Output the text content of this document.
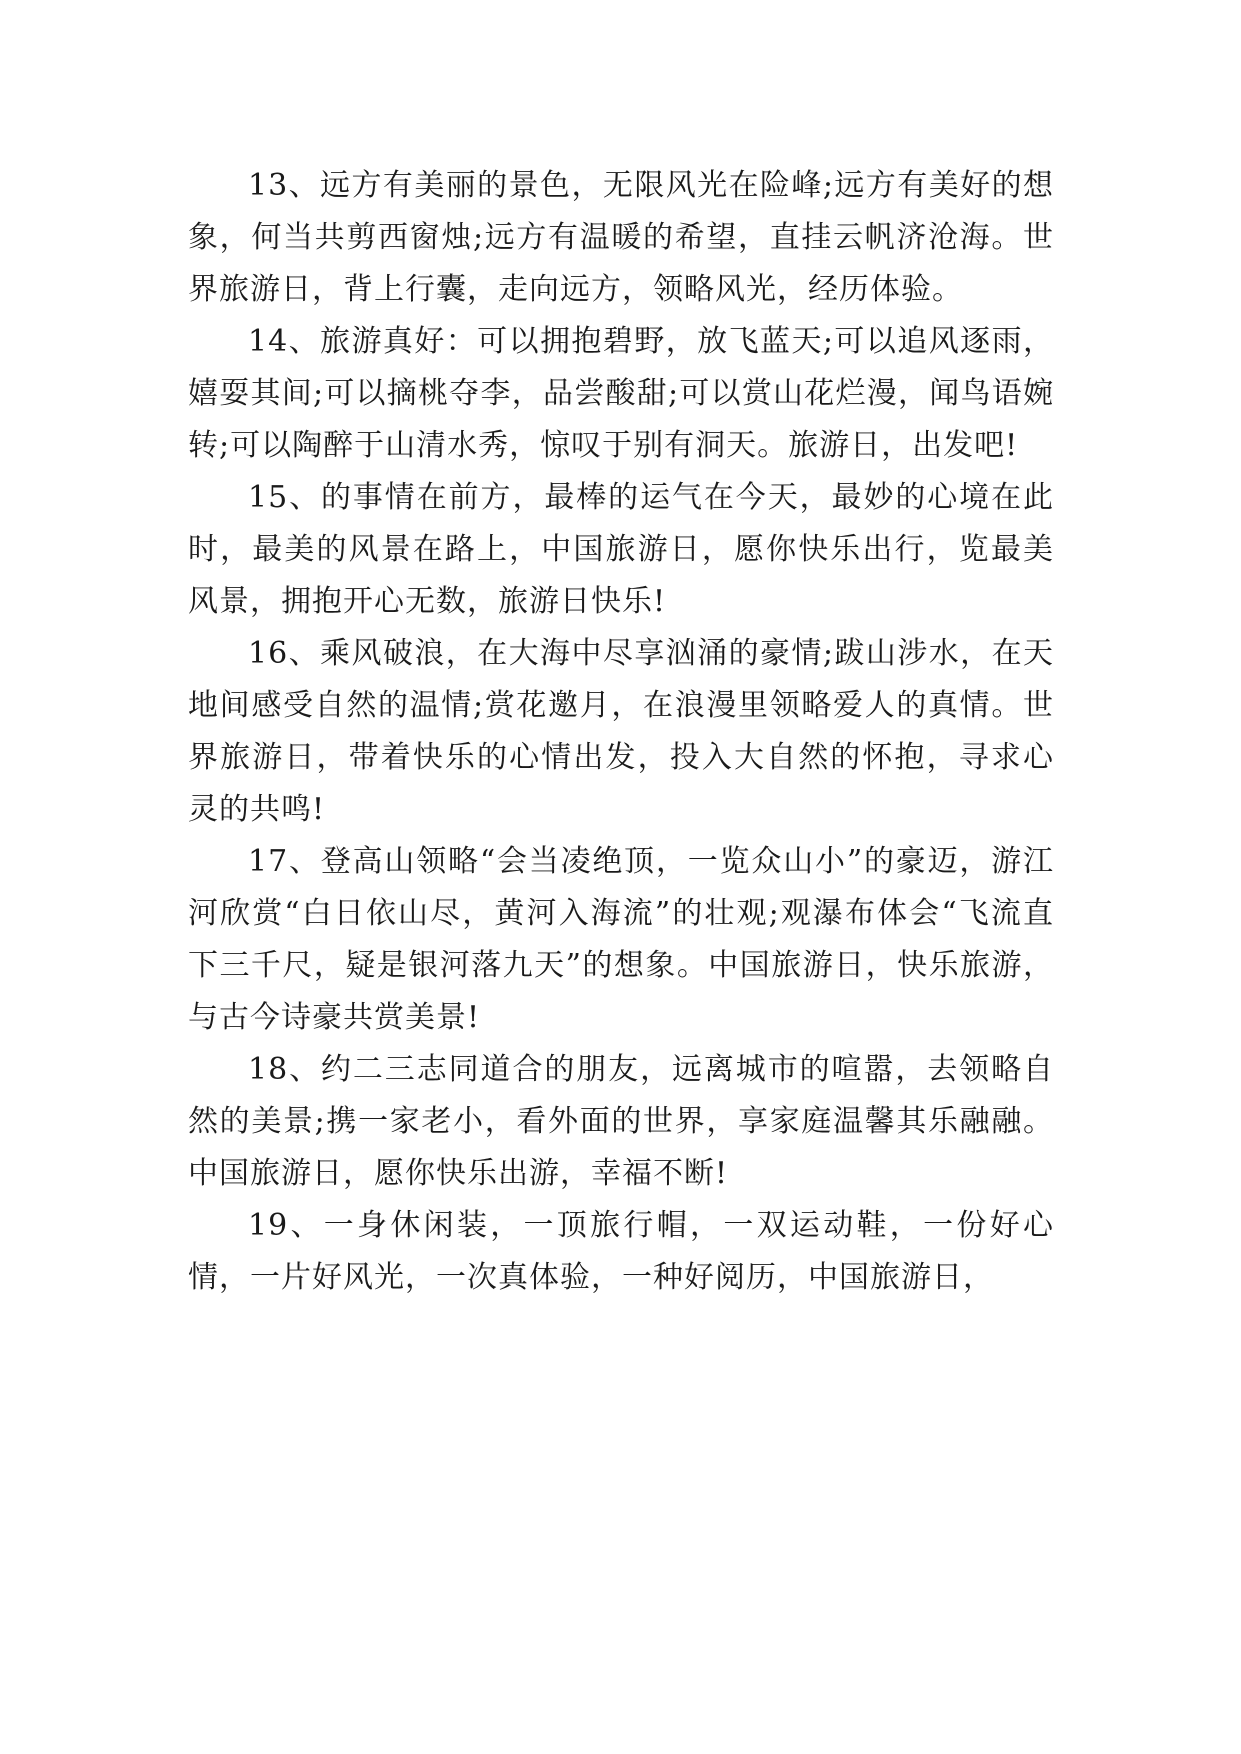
13、远方有美丽的景色，无限风光在险峰;远方有美好的想象，何当共剪西窗烛;远方有温暖的希望，直挂云帆济沧海。世界旅游日，背上行囊，走向远方，领略风光，经历体验。

14、旅游真好：可以拥抱碧野，放飞蓝天;可以追风逐雨，嬉耍其间;可以摘桃夺李，品尝酸甜;可以赏山花烂漫，闻鸟语婉转;可以陶醉于山清水秀，惊叹于别有洞天。旅游日，出发吧!

15、的事情在前方，最棒的运气在今天，最妙的心境在此时，最美的风景在路上，中国旅游日，愿你快乐出行，览最美风景，拥抱开心无数，旅游日快乐!

16、乘风破浪，在大海中尽享汹涌的豪情;跋山涉水，在天地间感受自然的温情;赏花邀月，在浪漫里领略爱人的真情。世界旅游日，带着快乐的心情出发，投入大自然的怀抱，寻求心灵的共鸣!

17、登高山领略“会当凌绝顶，一览众山小”的豪迈，游江河欣赏“白日依山尽，黄河入海流”的壮观;观瀑布体会“飞流直下三千尺，疑是银河落九天”的想象。中国旅游日，快乐旅游，与古今诗豪共赏美景!

18、约二三志同道合的朋友，远离城市的喧嚣，去领略自然的美景;携一家老小，看外面的世界，享家庭温馨其乐融融。中国旅游日，愿你快乐出游，幸福不断!

19、一身休闲装，一顶旅行帽，一双运动鞋，一份好心情，一片好风光，一次真体验，一种好阅历，中国旅游日，
